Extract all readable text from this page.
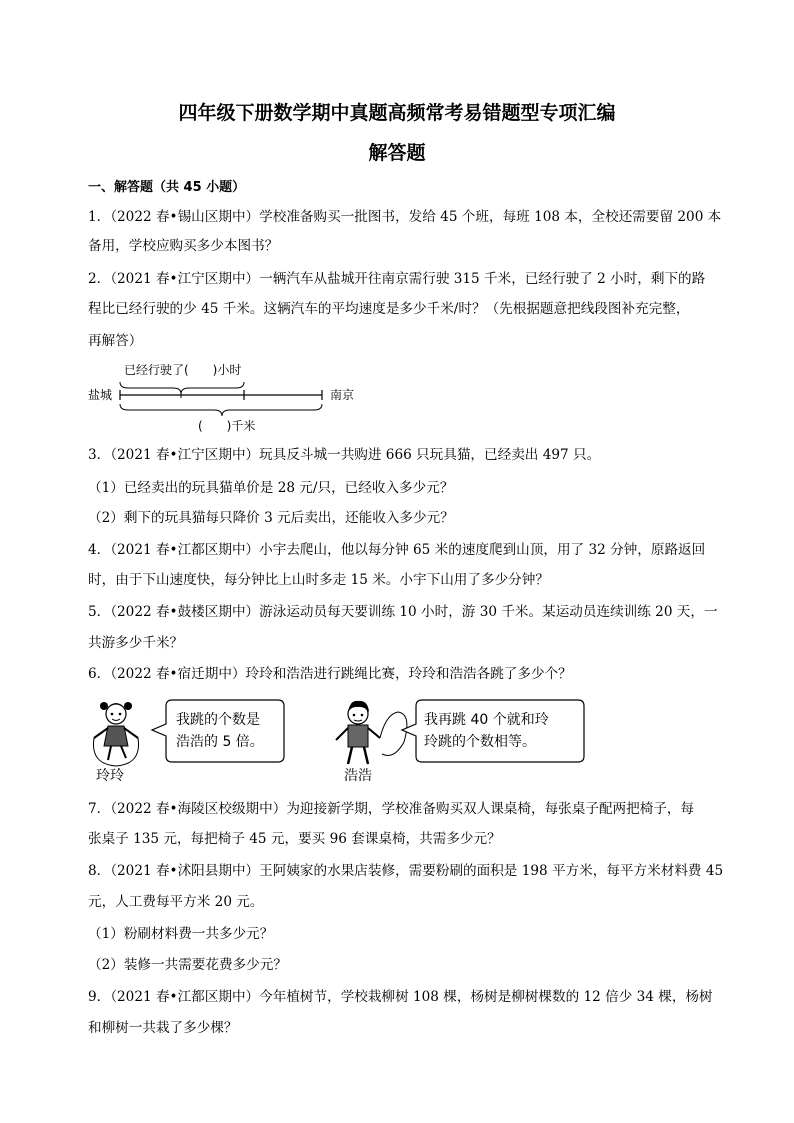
四年级下册数学期中真题高频常考易错题型专项汇编
解答题
一、解答题（共 45 小题）
1．（2022 春•锡山区期中）学校准备购买一批图书，发给 45 个班，每班 108 本，全校还需要留 200 本
备用，学校应购买多少本图书？
2．（2021 春•江宁区期中）一辆汽车从盐城开往南京需行驶 315 千米，已经行驶了 2 小时，剩下的路
程比已经行驶的少 45 千米。这辆汽车的平均速度是多少千米/时？（先根据题意把线段图补充完整，
再解答）
已经行驶了(　　)小时
盐城	南京
(　　)千米
3．（2021 春•江宁区期中）玩具反斗城一共购进 666 只玩具猫，已经卖出 497 只。
（1）已经卖出的玩具猫单价是 28 元/只，已经收入多少元？
（2）剩下的玩具猫每只降价 3 元后卖出，还能收入多少元？
4．（2021 春•江都区期中）小宇去爬山，他以每分钟 65 米的速度爬到山顶，用了 32 分钟，原路返回
时，由于下山速度快，每分钟比上山时多走 15 米。小宇下山用了多少分钟？
5．（2022 春•鼓楼区期中）游泳运动员每天要训练 10 小时，游 30 千米。某运动员连续训练 20 天，一
共游多少千米？
6．（2022 春•宿迁期中）玲玲和浩浩进行跳绳比赛，玲玲和浩浩各跳了多少个？
我跳的个数是
浩浩的 5 倍。
玲玲
我再跳 40 个就和玲
玲跳的个数相等。
浩浩
7．（2022 春•海陵区校级期中）为迎接新学期，学校准备购买双人课桌椅，每张桌子配两把椅子，每
张桌子 135 元，每把椅子 45 元，要买 96 套课桌椅，共需多少元？
8．（2021 春•沭阳县期中）王阿姨家的水果店装修，需要粉刷的面积是 198 平方米，每平方米材料费 45
元，人工费每平方米 20 元。
（1）粉刷材料费一共多少元？
（2）装修一共需要花费多少元？
9．（2021 春•江都区期中）今年植树节，学校栽柳树 108 棵，杨树是柳树棵数的 12 倍少 34 棵，杨树
和柳树一共栽了多少棵？
